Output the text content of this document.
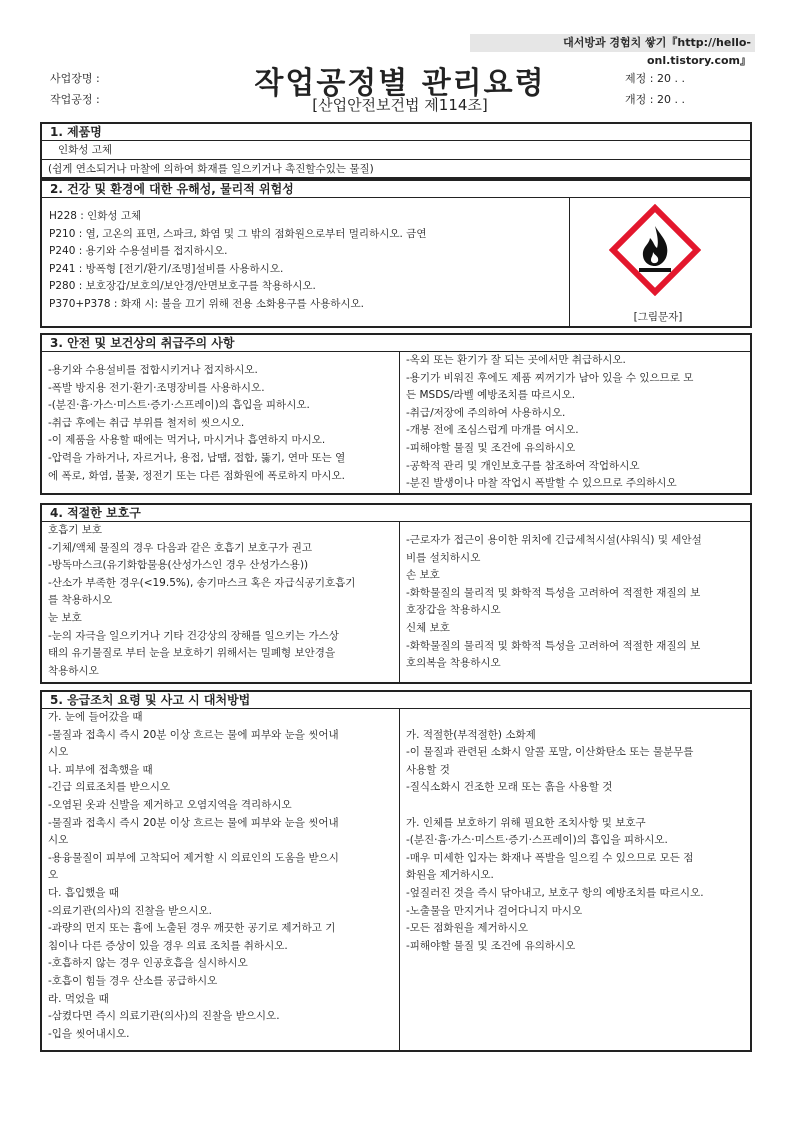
대서방과 경험치 쌓기『http://hello-onl.tistory.com』
사업장명 :
작업공정 :	작업공정별 관리요령
[산업안전보건법 제114조]
제정 : 20 . .
개정 : 20 . .
1. 제품명
인화성 고체
(쉽게 연소되거나 마찰에 의하여 화재를 일으키거나 촉진할수있는 물질)
2. 건강 및 환경에 대한 유해성, 물리적 위험성
H228 : 인화성 고체
P210 : 열, 고온의 표면, 스파크, 화염 및 그 밖의 점화원으로부터 멀리하시오. 금연
P240 : 용기와 수용설비를 접지하시오.
P241 : 방폭형 [전기/환기/조명]설비를 사용하시오.
P280 : 보호장갑/보호의/보안경/안면보호구를 착용하시오.
P370+P378 : 화재 시: 불을 끄기 위해 전용 소화용구를 사용하시오.
[그림문자]
3. 안전 및 보건상의 취급주의 사항
-용기와 수용설비를 접합시키거나 접지하시오.
-폭발 방지용 전기·환기·조명장비를 사용하시오.
-(분진·흄·가스·미스트·증기·스프레이)의 흡입을 피하시오.
-취급 후에는 취급 부위를 철저히 씻으시오.
-이 제품을 사용할 때에는 먹거나, 마시거나 흡연하지 마시오.
-압력을 가하거나, 자르거나, 용접, 납땜, 접합, 뚫기, 연마 또는 열
에 폭로, 화염, 불꽃, 정전기 또는 다른 점화원에 폭로하지 마시오.
-옥외 또는 환기가 잘 되는 곳에서만 취급하시오.
-용기가 비워진 후에도 제품 찌꺼기가 남아 있을 수 있으므로 모
든 MSDS/라벨 예방조치를 따르시오.
-취급/저장에 주의하여 사용하시오.
-개봉 전에 조심스럽게 마개를 여시오.
-피해야할 물질 및 조건에 유의하시오
-공학적 관리 및 개인보호구를 참조하여 작업하시오
-분진 발생이나 마찰 작업시 폭발할 수 있으므로 주의하시오
4. 적절한 보호구
호흡기 보호
-기체/액체 물질의 경우 다음과 같은 호흡기 보호구가 권고
-방독마스크(유기화합물용(산성가스인 경우 산성가스용))
-산소가 부족한 경우(<19.5%), 송기마스크 혹은 자급식공기호흡기
를 착용하시오
눈 보호
-눈의 자극을 일으키거나 기타 건강상의 장해를 일으키는 가스상
태의 유기물질로 부터 눈을 보호하기 위해서는 밀폐형 보안경을
착용하시오
-근로자가 접근이 용이한 위치에 긴급세척시설(샤워식) 및 세안설
비를 설치하시오
손 보호
-화학물질의 물리적 및 화학적 특성을 고려하여 적절한 재질의 보
호장갑을 착용하시오
신체 보호
-화학물질의 물리적 및 화학적 특성을 고려하여 적절한 재질의 보
호의복을 착용하시오
5. 응급조치 요령 및 사고 시 대처방법
가. 눈에 들어갔을 때
-물질과 접촉시 즉시 20분 이상 흐르는 물에 피부와 눈을 씻어내
시오
나. 피부에 접촉했을 때
-긴급 의료조치를 받으시오
-오염된 옷과 신발을 제거하고 오염지역을 격리하시오
-물질과 접촉시 즉시 20분 이상 흐르는 물에 피부와 눈을 씻어내
시오
-용융물질이 피부에 고착되어 제거할 시 의료인의 도움을 받으시
오
다. 흡입했을 때
-의료기관(의사)의 진찰을 받으시오.
-과량의 먼지 또는 흄에 노출된 경우 깨끗한 공기로 제거하고 기
침이나 다른 증상이 있을 경우 의료 조치를 취하시오.
-호흡하지 않는 경우 인공호흡을 실시하시오
-호흡이 힘들 경우 산소를 공급하시오
라. 먹었을 때
-삼켰다면 즉시 의료기관(의사)의 진찰을 받으시오.
-입을 씻어내시오.

가. 적절한(부적절한) 소화제
-이 물질과 관련된 소화시 알콜 포말, 이산화탄소 또는 물분무를
사용할 것
-질식소화시 건조한 모래 또는 흙을 사용할 것

가. 인체를 보호하기 위해 필요한 조치사항 및 보호구
-(분진·흄·가스·미스트·증기·스프레이)의 흡입을 피하시오.
-매우 미세한 입자는 화재나 폭발을 일으킬 수 있으므로 모든 점
화원을 제거하시오.
-엎질러진 것을 즉시 닦아내고, 보호구 항의 예방조치를 따르시오.
-노출물을 만지거나 걸어다니지 마시오
-모든 점화원을 제거하시오
-피해야할 물질 및 조건에 유의하시오
